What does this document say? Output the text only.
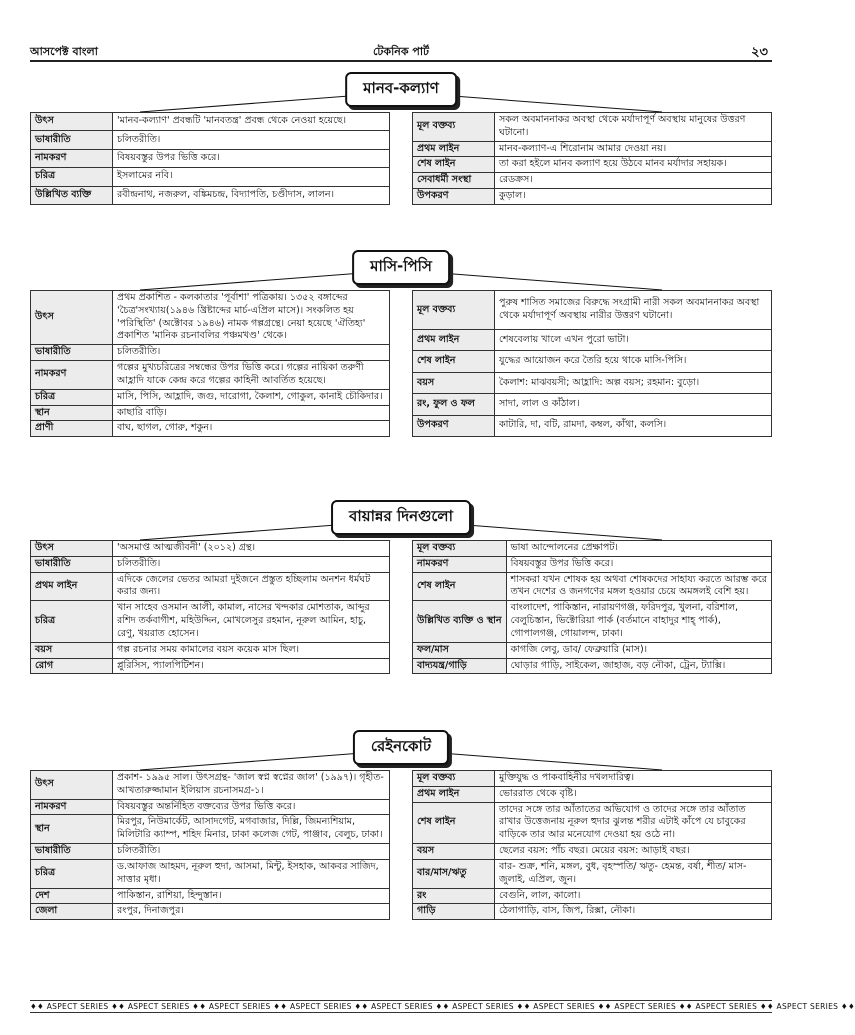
আসপেক্ট বাংলা	টেকনিক পার্ট	২৩
মানব-কল্যাণ
উৎস	'মানব-কল্যাণ' প্রবন্ধটি 'মানবতন্ত্র' প্রবন্ধ থেকে নেওয়া হয়েছে।
ভাষারীতি	চলিতরীতি।
নামকরণ	বিষয়বস্তুর উপর ভিত্তি করে।
চরিত্র	ইসলামের নবি।
উল্লিখিত ব্যক্তি	রবীন্দ্রনাথ, নজরুল, বঙ্কিমচন্দ্র, বিদ্যাপতি, চণ্ডীদাস, লালন।
মূল বক্তব্য	সকল অবমাননাকর অবস্থা থেকে মর্যাদাপূর্ণ অবস্থায় মানুষের উত্তরণ ঘটানো।
প্রথম লাইন	মানব-কল্যাণ-এ শিরোনাম আমার দেওয়া নয়।
শেষ লাইন	তা করা হইলে মানব কল্যাণ হয়ে উঠবে মানব মর্যাদার সহায়ক।
সেবাধর্মী সংস্থা	রেডক্রস।
উপকরণ	কুড়াল।
মাসি-পিসি
উৎস	প্রথম প্রকাশিত - কলকাতার 'পূর্বাশা' পত্রিকায়। ১৩৫২ বঙ্গাব্দের 'চৈত্র'সংখ্যায়(১৯৪৬ খ্রিষ্টাব্দের মার্চ-এপ্রিল মাসে)। সংকলিত হয় 'পরিস্থিতি' (অক্টোবর ১৯৪৬) নামক গল্পগ্রন্থে। নেয়া হয়েছে 'ঐতিহ্য' প্রকাশিত 'মানিক রচনাবলির পঞ্চমখণ্ড' থেকে।
ভাষারীতি	চলিতরীতি।
নামকরণ	গল্পের মুখ্যচরিত্রের সম্বন্ধের উপর ভিত্তি করে। গল্পের নায়িকা তরুণী আহ্লাদি যাকে কেন্দ্র করে গল্পের কাহিনী আবর্তিত হয়েছে।
চরিত্র	মাসি, পিসি, আহ্লাদি, জগু, দারোগা, কৈলাশ, গোকুল, কানাই চৌকিদার।
স্থান	কাছারি বাড়ি।
প্রাণী	বাঘ, ছাগল, গোরু, শকুন।
মূল বক্তব্য	পুরুষ শাসিত সমাজের বিরুদ্ধে সংগ্রামী নারী সকল অবমাননাকর অবস্থা থেকে মর্যাদাপূর্ণ অবস্থায় নারীর উত্তরণ ঘটানো।
প্রথম লাইন	শেষবেলায় খালে এখন পুরো ভাটা।
শেষ লাইন	যুদ্ধের আয়োজন করে তৈরি হয়ে থাকে মাসি-পিসি।
বয়স	কৈলাশ: মাঝবয়সী; আহ্লাদি: অল্প বয়স; রহমান: বুড়ো।
রং, ফুল ও ফল	সাদা, লাল ও কাঁঠাল।
উপকরণ	কাটারি, দা, বটি, রামদা, কম্বল, কাঁথা, কলসি।
বায়ান্নর দিনগুলো
উৎস	'অসমাপ্ত আত্মজীবনী' (২০১২) গ্রন্থ।
ভাষারীতি	চলিতরীতি।
প্রথম লাইন	এদিকে জেলের ভেতর আমরা দুইজনে প্রস্তুত হচ্ছিলাম অনশন ধর্মঘট করার জন্য।
চরিত্র	খান সাহেব ওসমান আলী, কামাল, নাসের খন্দকার মোশতাক, আব্দুর রশিদ তর্কবাগীশ, মহিউদ্দিন, মোখলেসুর রহমান, নূরুল আমিন, হাচু, রেণু, খয়রাত হোসেন।
বয়স	গল্প রচনার সময় কামালের বয়স কয়েক মাস ছিল।
রোগ	প্লুরিসিস, প্যালপিটিশন।
মূল বক্তব্য	ভাষা আন্দোলনের প্রেক্ষাপট।
নামকরণ	বিষয়বস্তুর উপর ভিত্তি করে।
শেষ লাইন	শাসকরা যখন শোষক হয় অথবা শোষকদের সাহায্য করতে আরম্ভ করে তখন দেশের ও জনগণের মঙ্গল হওয়ার চেয়ে অমঙ্গলই বেশি হয়।
উল্লিখিত ব্যক্তি ও স্থান	বাংলাদেশ, পাকিস্তান, নারায়ণগঞ্জ, ফরিদপুর, খুলনা, বরিশাল, বেলুচিস্তান, ভিক্টোরিয়া পার্ক (বর্তমানে বাহাদুর শাহ্ পার্ক), গোপালগঞ্জ, গোয়ালন্দ, ঢাকা।
ফল/মাস	কাগজি লেবু, ডাব/ ফেব্রুয়ারি (মাস)।
বাদ্যযন্ত্র/গাড়ি	ঘোড়ার গাড়ি, সাইকেল, জাহাজ, বড় নৌকা, ট্রেন, ট্যাক্সি।
রেইনকোট
উৎস	প্রকাশ- ১৯৯৫ সাল। উৎসগ্রন্থ- 'জাল স্বপ্ন স্বপ্নের জাল' (১৯৯৭)। গৃহীত- আখতারুজ্জামান ইলিয়াস রচনাসমগ্র-১।
নামকরণ	বিষয়বস্তুর অন্তর্নিহিত বক্তব্যের উপর ভিত্তি করে।
স্থান	মিরপুর, নিউমার্কেট, আসাদগেট, মগবাজার, দিল্লি, জিমন্যশিয়াম, মিলিটারি ক্যাম্প, শহিদ মিনার, ঢাকা কলেজ গেট, পাঞ্জাব, বেলুচ, ঢাকা।
ভাষারীতি	চলিতরীতি।
চরিত্র	ড.আফাজ আহমদ, নূরুল হুদা, আসমা, মিন্টু, ইসহাক, আকবর সাজিদ, সাত্তার মৃধা।
দেশ	পাকিস্তান, রাশিয়া, হিন্দুস্তান।
জেলা	রংপুর, দিনাজপুর।
মূল বক্তব্য	মুক্তিযুদ্ধ ও পাকবাহিনীর দখলদারিত্ব।
প্রথম লাইন	ভোররাত থেকে বৃষ্টি।
শেষ লাইন	তাদের সঙ্গে তার আঁতাতের অভিযোগ ও তাদের সঙ্গে তার আঁতাত রাখার উত্তেজনায় নূরুল হুদার ঝুলন্ত শরীর এটাই কাঁপে যে চাবুকের বাড়িকে তার আর মনেযোগ দেওয়া হয় ওঠে না।
বয়স	ছেলের বয়স: পাঁচ বছর। মেয়ের বয়স: আড়াই বছর।
বার/মাস/ঋতু	বার- শুক্র, শনি, মঙ্গল, বুধ, বৃহস্পতি/ ঋতু- হেমন্ত, বর্ষা, শীত/ মাস- জুলাই, এপ্রিল, জুন।
রং	বেগুনি, লাল, কালো।
গাড়ি	ঠেলাগাড়ি, বাস, জিপ, রিক্সা, নৌকা।
♦♦ ASPECT SERIES ♦♦ ASPECT SERIES ♦♦ ASPECT SERIES ♦♦ ASPECT SERIES ♦♦ ASPECT SERIES ♦♦ ASPECT SERIES ♦♦ ASPECT SERIES ♦♦ ASPECT SERIES ♦♦ ASPECT SERIES ♦♦ ASPECT SERIES ♦♦
